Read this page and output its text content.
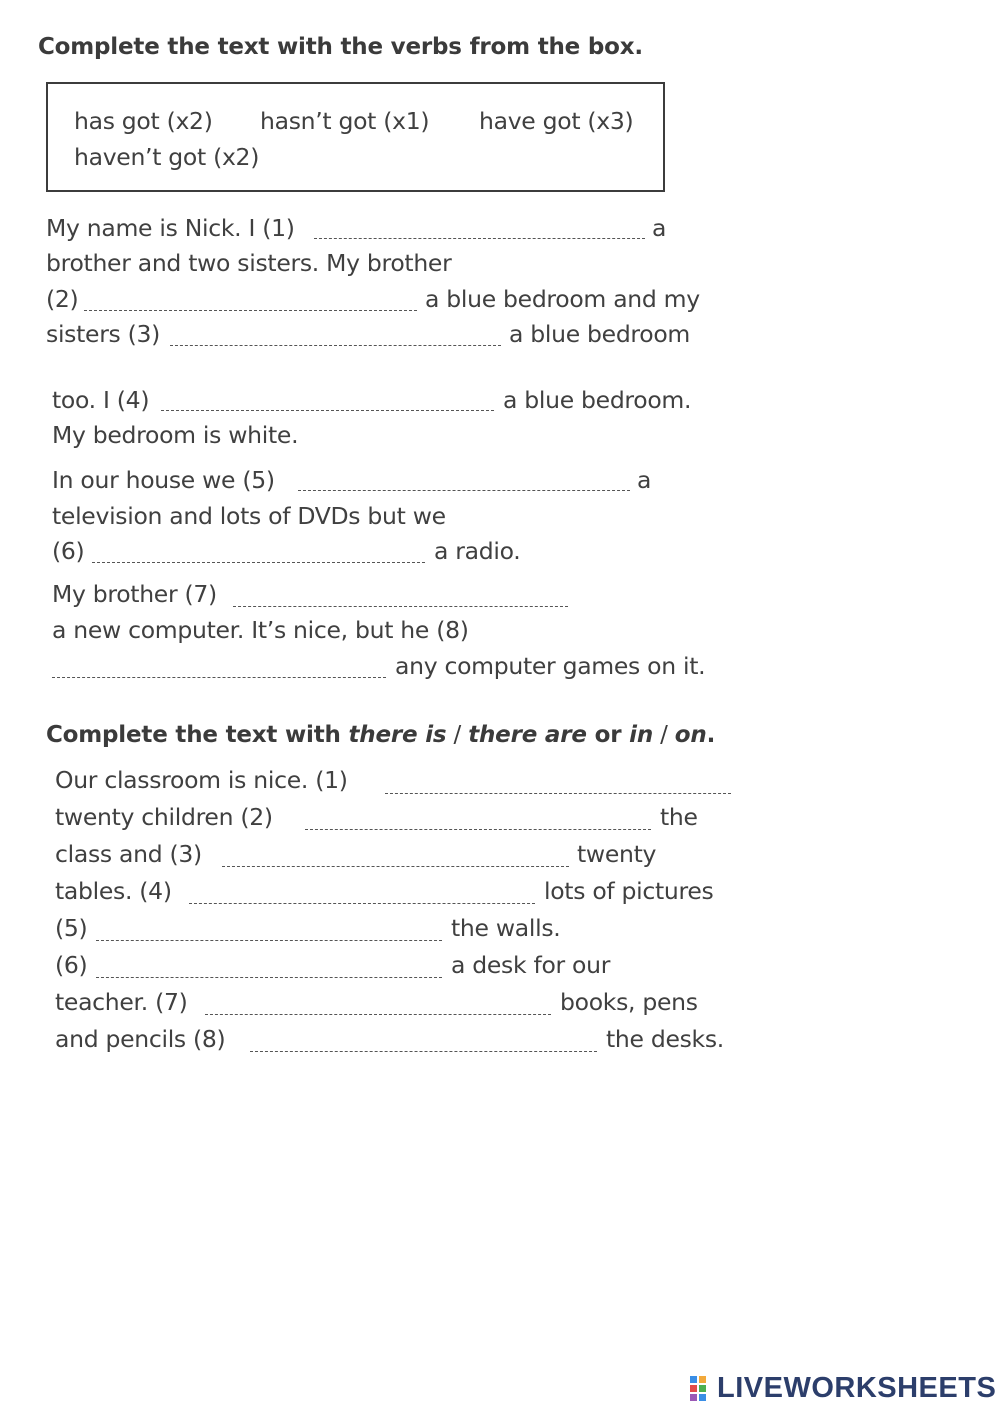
Complete the text with the verbs from the box.
has got (x2) hasn’t got (x1) have got (x3)
haven’t got (x2)
My name is Nick. I (1)	a
brother and two sisters. My brother
(2)	a blue bedroom and my
sisters (3)	a blue bedroom
too. I (4)	a blue bedroom.
My bedroom is white.
In our house we (5)	a
television and lots of DVDs but we
(6)	a radio.
My brother (7)
a new computer. It’s nice, but he (8)
any computer games on it.
Complete the text with there is / there are or in / on.
Our classroom is nice. (1)
twenty children (2)	the
class and (3)	twenty
tables. (4)	lots of pictures
(5)	the walls.
(6)	a desk for our
teacher. (7)	books, pens
and pencils (8)	the desks.
LIVEWORKSHEETS
